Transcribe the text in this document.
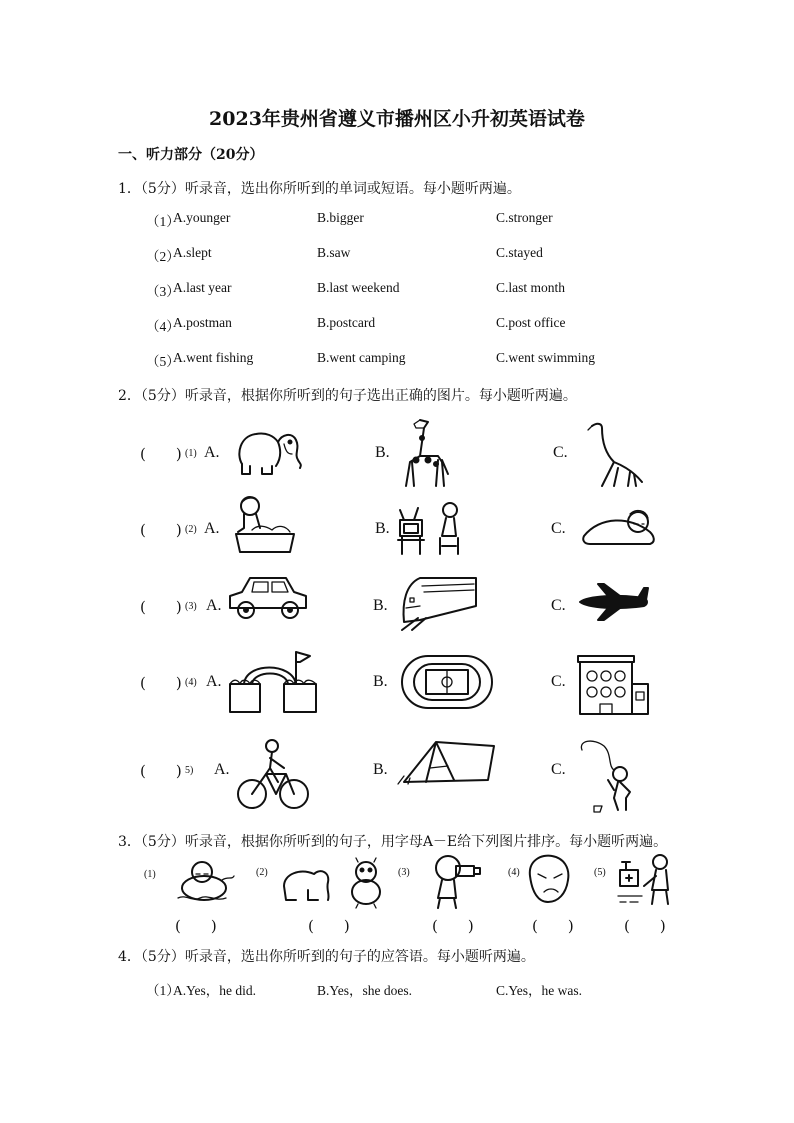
2023年贵州省遵义市播州区小升初英语试卷
一、听力部分（20分）
1．（5分）听录音，选出你所听到的单词或短语。每小题听两遍。
（1）
A.younger	B.bigger	C.stronger
（2）
A.slept	B.saw	C.stayed
（3）
A.last year	B.last weekend	C.last month
（4）
A.postman	B.postcard	C.post office
（5）
A.went fishing	B.went camping	C.went swimming
2．（5分）听录音，根据你所听到的句子选出正确的图片。每小题听两遍。
(　　) (1) A.	B.	C.
(　　) (2) A.	B.	C.
(　　) (3) A.	B.	C.
(　　) (4) A.	B.	C.
(　　) 5) A.	B.	C.
3．（5分）听录音，根据你所听到的句子，用字母A－E给下列图片排序。每小题听两遍。
(1)
(　　)
(2)
(　　)
(3)
(　　)
(4)
(　　)
(5)
(　　)
4．（5分）听录音，选出你所听到的句子的应答语。每小题听两遍。
（1）
A.Yes，he did.	B.Yes，she does.	C.Yes，he was.
